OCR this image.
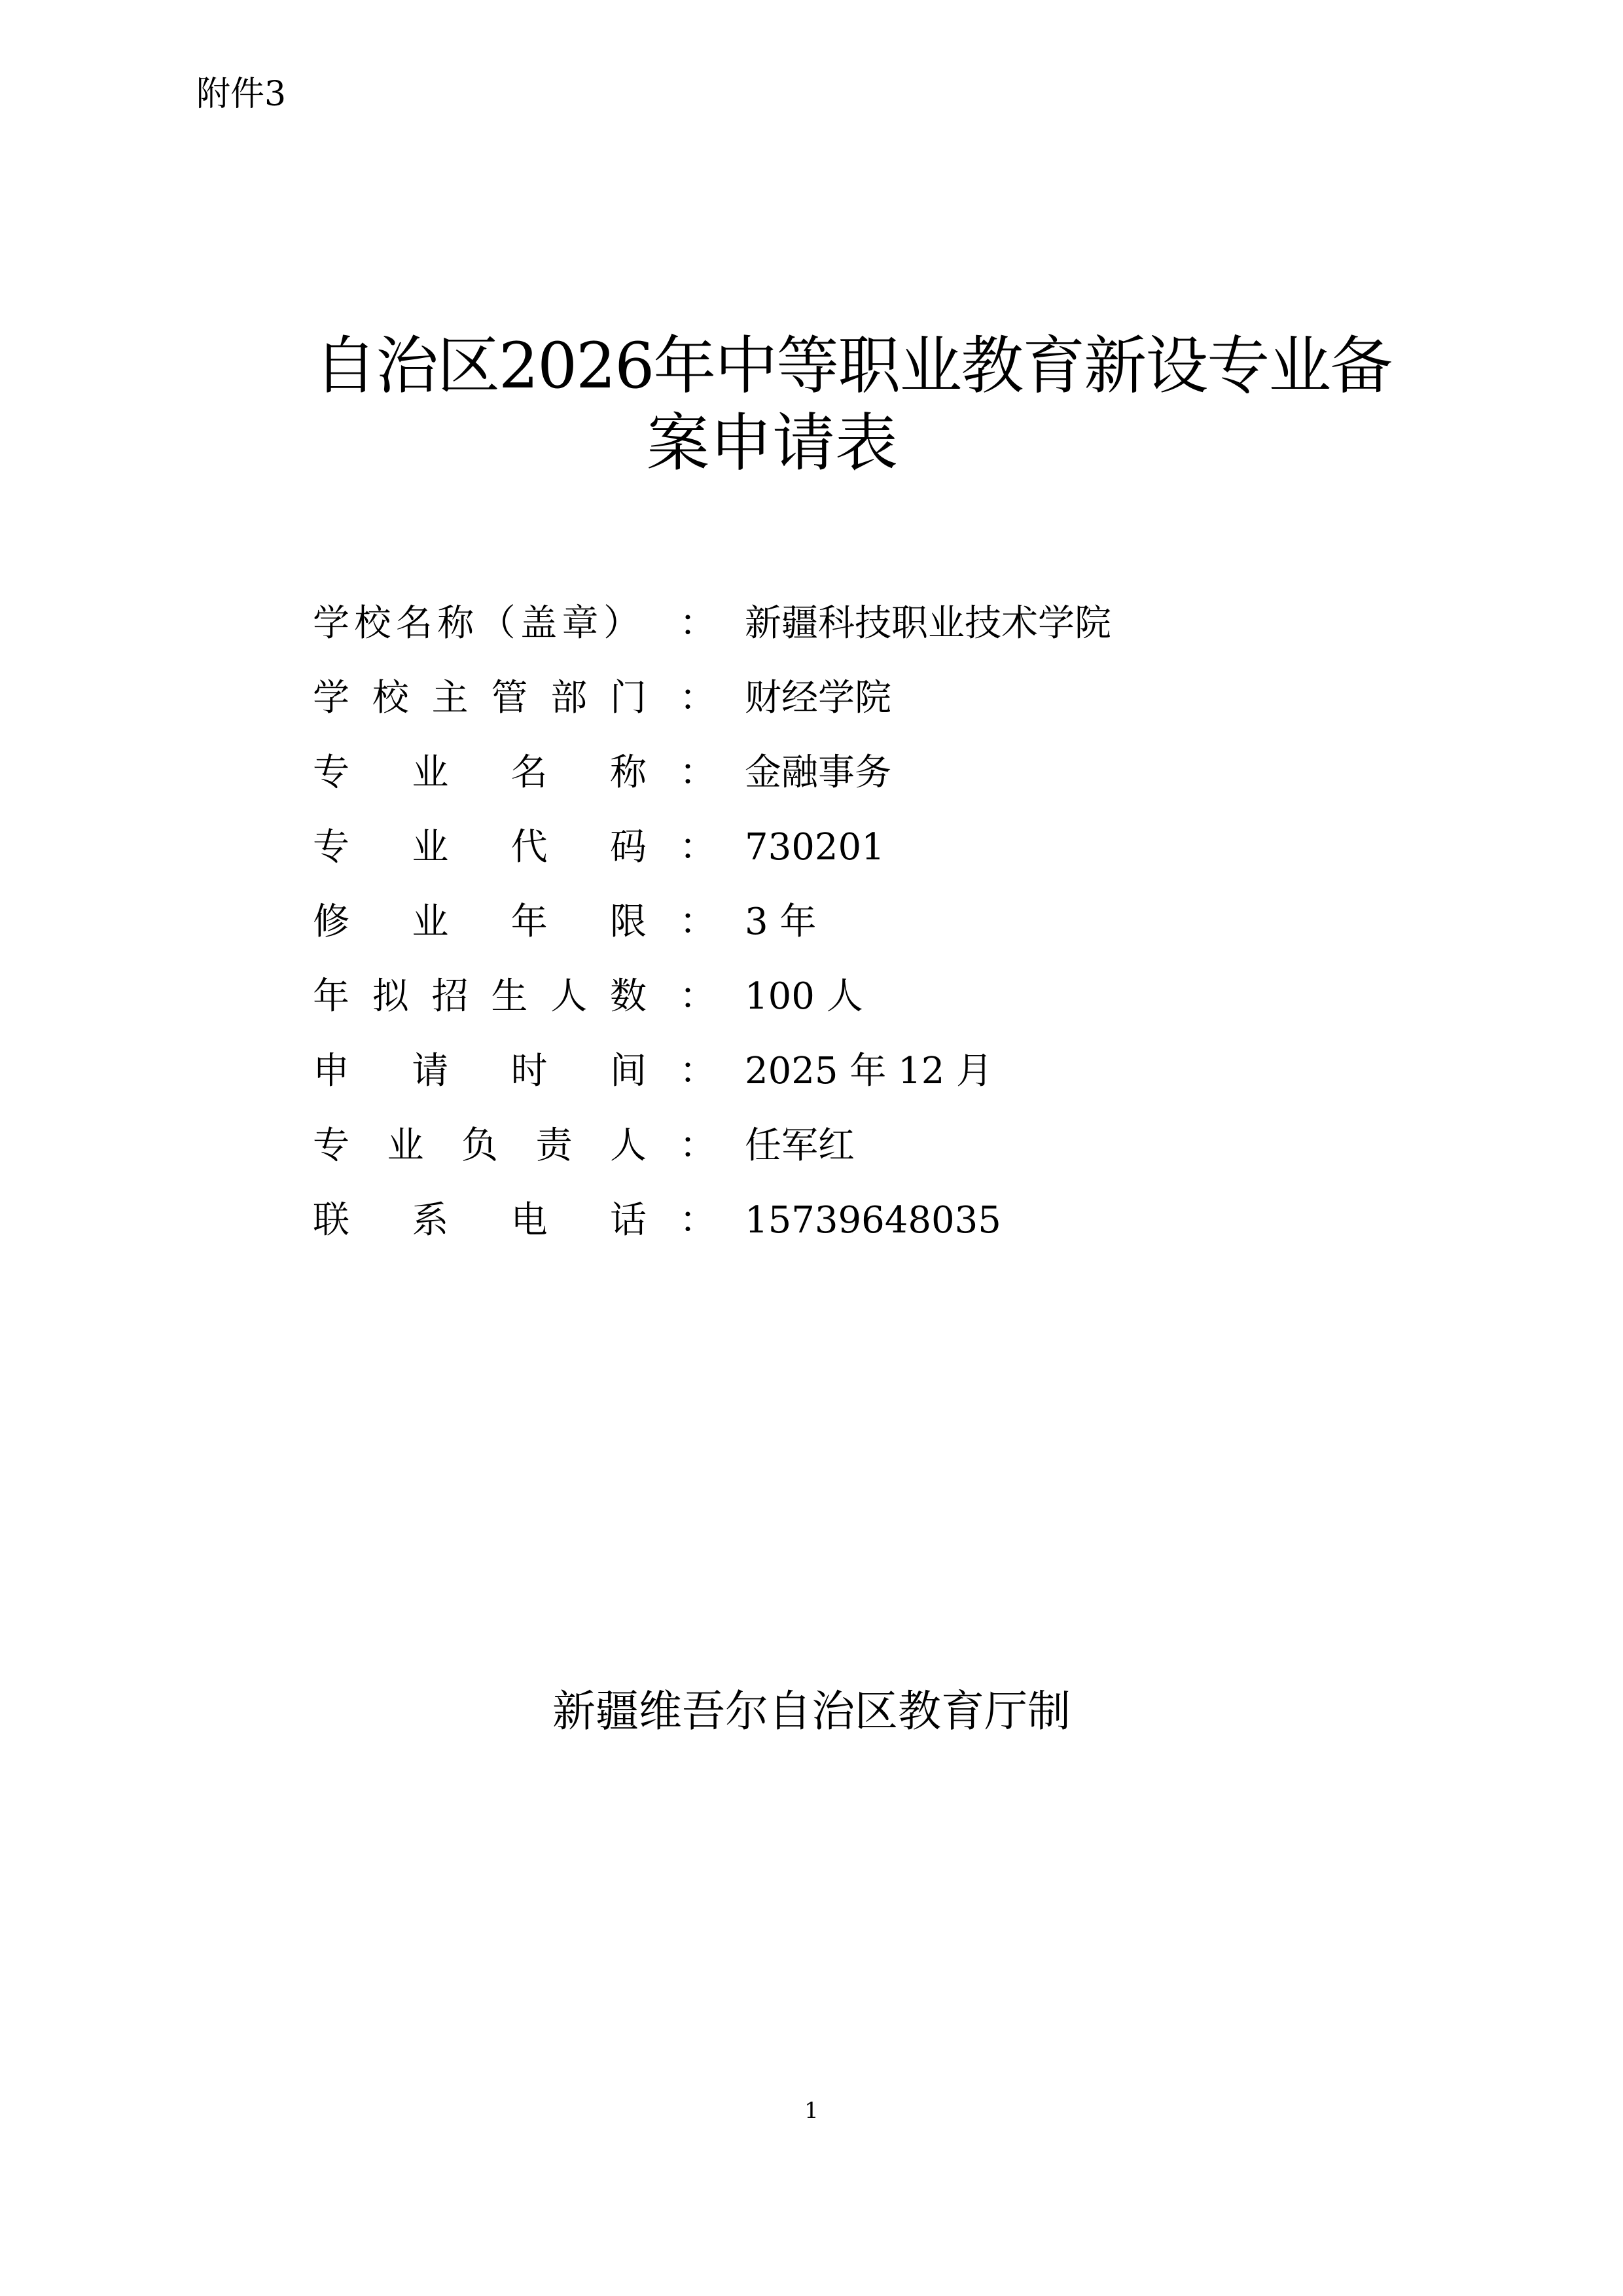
附件3
自治区2026年中等职业教育新设专业备
案申请表
学 校 名 称 （ 盖 章 ） ： 新疆科技职业技术学院
学 校 主 管 部 门 ： 财经学院
专 业 名 称 ： 金融事务
专 业 代 码 ： 730201
修 业 年 限 ： 3 年
年 拟 招 生 人 数 ： 100 人
申 请 时 间 ： 2025 年 12 月
专 业 负 责 人 ： 任军红
联 系 电 话 ： 15739648035
新疆维吾尔自治区教育厅制
1
